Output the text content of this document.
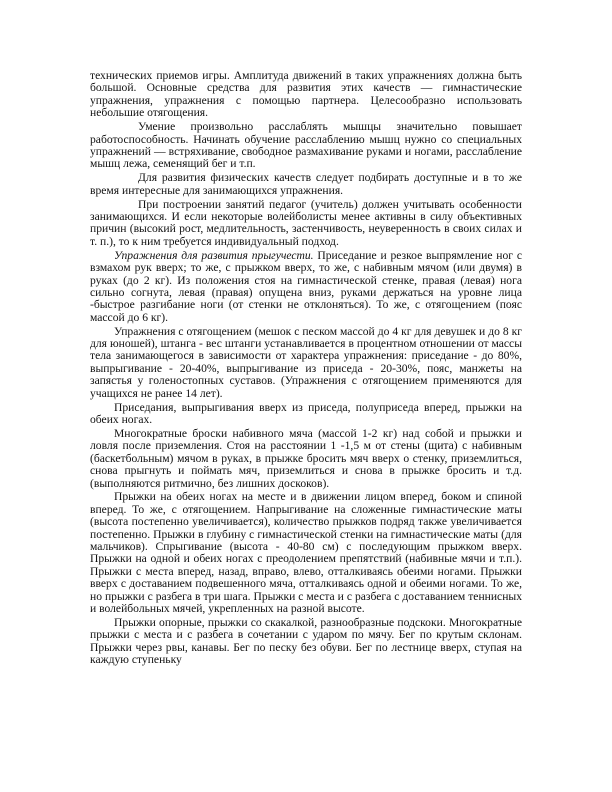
технических приемов игры. Амплитуда движений в таких упражнениях должна быть большой. Основные средства для развития этих качеств — гимнастические упражнения, упражнения с помощью партнера. Целесообразно использовать небольшие отягощения.

Умение произвольно расслаблять мышцы значительно повышает работоспособность. Начинать обучение расслаблению мышц нужно со специальных упражнений — встряхивание, свободное размахивание руками и ногами, расслабление мышц лежа, семенящий бег и т.п.

Для развития физических качеств следует подбирать доступные и в то же время интересные для занимающихся упражнения.

При построении занятий педагог (учитель) должен учитывать особенности занимающихся. И если некоторые волейболисты менее активны в силу объективных причин (высокий рост, медлительность, застенчивость, неуверенность в своих силах и т. п.), то к ним требуется индивидуальный подход.

Упражнения для развития прыгучести. Приседание и резкое выпрямление ног с взмахом рук вверх; то же, с прыжком вверх, то же, с набивным мячом (или двумя) в руках (до 2 кг). Из положения стоя на гимнастической стенке, правая (левая) нога сильно согнута, левая (правая) опущена вниз, руками держаться на уровне лица -быстрое разгибание ноги (от стенки не отклоняться). То же, с отягощением (пояс массой до 6 кг).

Упражнения с отягощением (мешок с песком массой до 4 кг для девушек и до 8 кг для юношей), штанга - вес штанги устанавливается в процентном отношении от массы тела занимающегося в зависимости от характера упражнения: приседание - до 80%, выпрыгивание - 20-40%, выпрыгивание из приседа - 20-30%, пояс, манжеты на запястья у голеностопных суставов. (Упражнения с отягощением применяются для учащихся не ранее 14 лет).

Приседания, выпрыгивания вверх из приседа, полуприседа вперед, прыжки на обеих ногах.

Многократные броски набивного мяча (массой 1-2 кг) над собой и прыжки и ловля после приземления. Стоя на расстоянии 1 -1,5 м от стены (щита) с набивным (баскетбольным) мячом в руках, в прыжке бросить мяч вверх о стенку, приземлиться, снова прыгнуть и поймать мяч, приземлиться и снова в прыжке бросить и т.д. (выполняются ритмично, без лишних доскоков).

Прыжки на обеих ногах на месте и в движении лицом вперед, боком и спиной вперед. То же, с отягощением. Напрыгивание на сложенные гимнастические маты (высота постепенно увеличивается), количество прыжков подряд также увеличивается постепенно. Прыжки в глубину с гимнастической стенки на гимнастические маты (для мальчиков). Спрыгивание (высота - 40-80 см) с последующим прыжком вверх. Прыжки на одной и обеих ногах с преодолением препятствий (набивные мячи и т.п.). Прыжки с места вперед, назад, вправо, влево, отталкиваясь обеими ногами. Прыжки вверх с доставанием подвешенного мяча, отталкиваясь одной и обеими ногами. То же, но прыжки с разбега в три шага. Прыжки с места и с разбега с доставанием теннисных и волейбольных мячей, укрепленных на разной высоте.

Прыжки опорные, прыжки со скакалкой, разнообразные подскоки. Многократные прыжки с места и с разбега в сочетании с ударом по мячу. Бег по крутым склонам. Прыжки через рвы, канавы. Бег по песку без обуви. Бег по лестнице вверх, ступая на каждую ступеньку
